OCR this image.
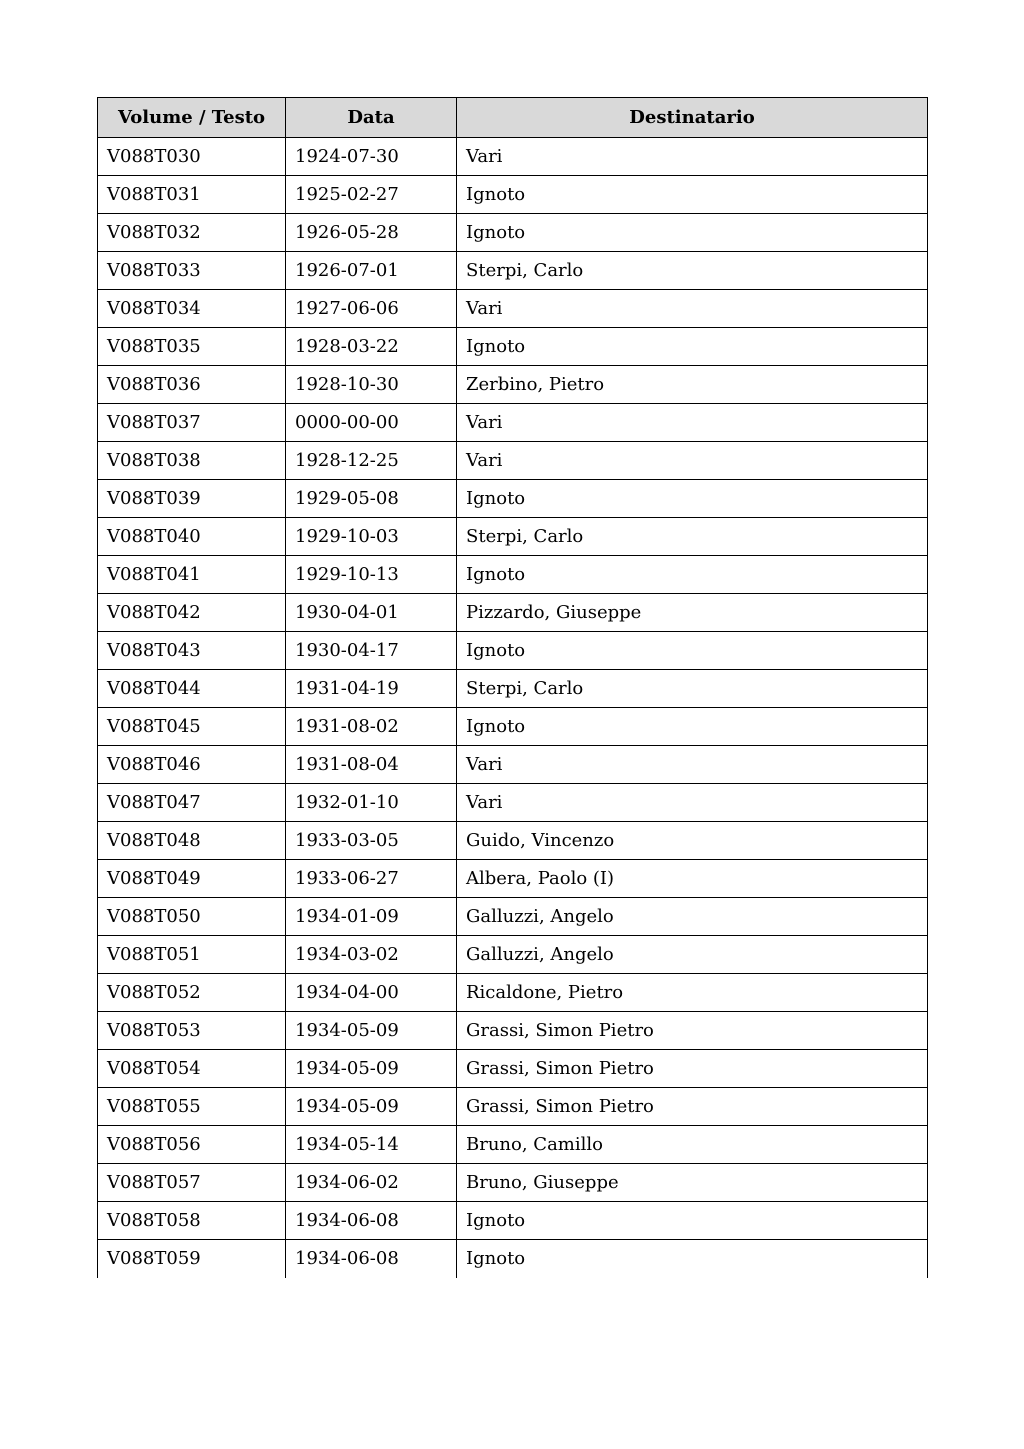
Volume / Testo	Data	Destinatario
V088T030	1924-07-30	Vari
V088T031	1925-02-27	Ignoto
V088T032	1926-05-28	Ignoto
V088T033	1926-07-01	Sterpi, Carlo
V088T034	1927-06-06	Vari
V088T035	1928-03-22	Ignoto
V088T036	1928-10-30	Zerbino, Pietro
V088T037	0000-00-00	Vari
V088T038	1928-12-25	Vari
V088T039	1929-05-08	Ignoto
V088T040	1929-10-03	Sterpi, Carlo
V088T041	1929-10-13	Ignoto
V088T042	1930-04-01	Pizzardo, Giuseppe
V088T043	1930-04-17	Ignoto
V088T044	1931-04-19	Sterpi, Carlo
V088T045	1931-08-02	Ignoto
V088T046	1931-08-04	Vari
V088T047	1932-01-10	Vari
V088T048	1933-03-05	Guido, Vincenzo
V088T049	1933-06-27	Albera, Paolo (I)
V088T050	1934-01-09	Galluzzi, Angelo
V088T051	1934-03-02	Galluzzi, Angelo
V088T052	1934-04-00	Ricaldone, Pietro
V088T053	1934-05-09	Grassi, Simon Pietro
V088T054	1934-05-09	Grassi, Simon Pietro
V088T055	1934-05-09	Grassi, Simon Pietro
V088T056	1934-05-14	Bruno, Camillo
V088T057	1934-06-02	Bruno, Giuseppe
V088T058	1934-06-08	Ignoto
V088T059	1934-06-08	Ignoto
